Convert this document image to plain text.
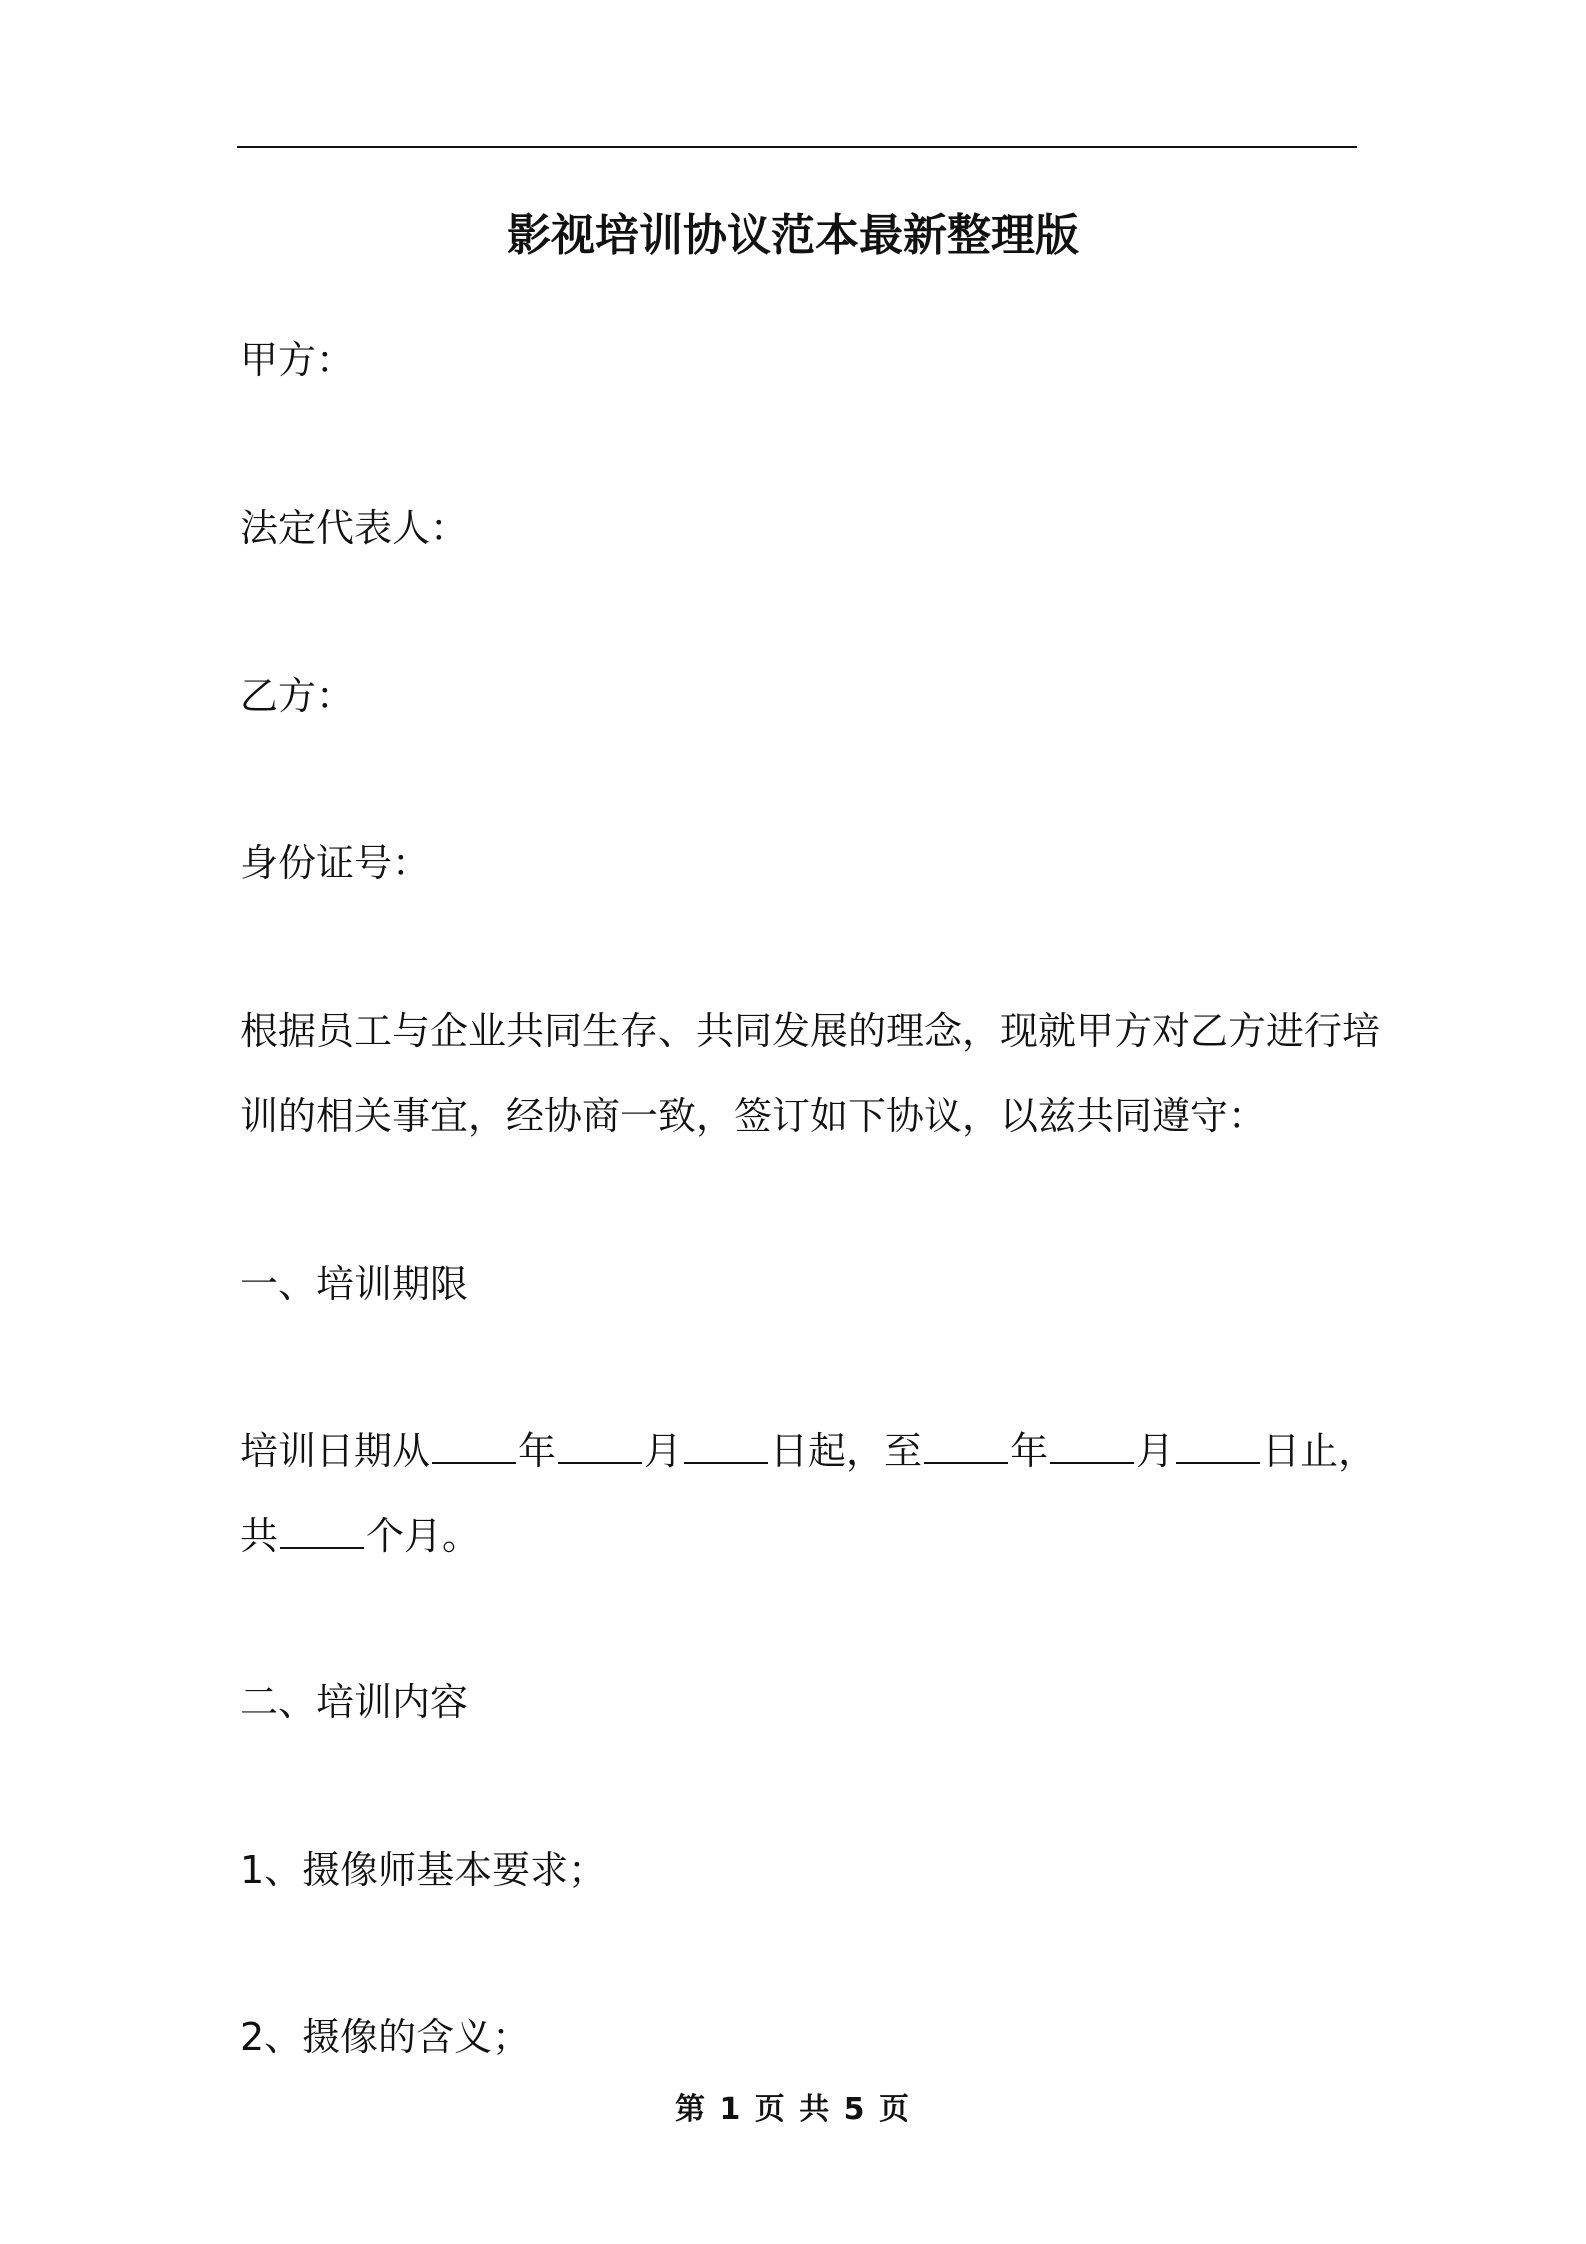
影视培训协议范本最新整理版
甲方：
法定代表人：
乙方：
身份证号：
根据员工与企业共同生存、共同发展的理念，现就甲方对乙方进行培
训的相关事宜，经协商一致，签订如下协议，以兹共同遵守：
一、培训期限
培训日期从 年 月 日起，至 年 月 日止，
共 个月。
二、培训内容
1、摄像师基本要求；
2、摄像的含义；
第 1 页 共 5 页
